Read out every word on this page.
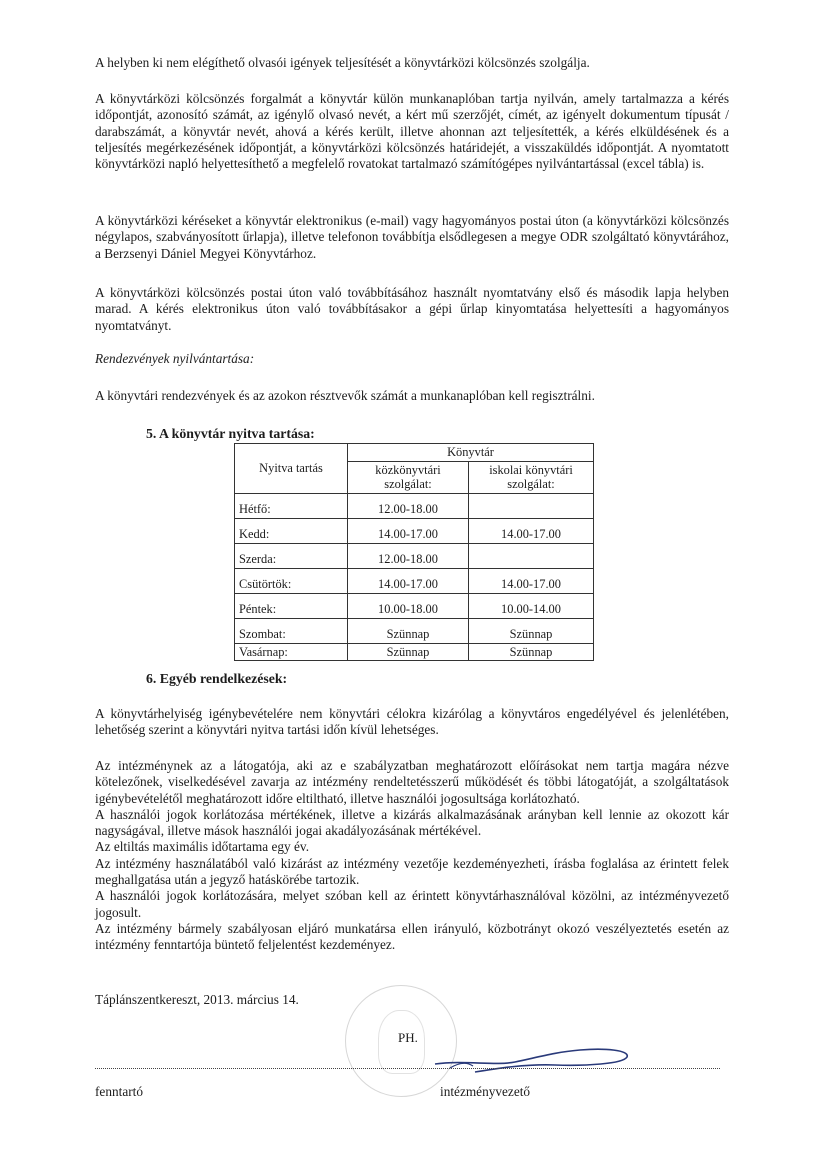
A helyben ki nem elégíthető olvasói igények teljesítését a könyvtárközi kölcsönzés szolgálja.

A könyvtárközi kölcsönzés forgalmát a könyvtár külön munkanaplóban tartja nyilván, amely tartalmazza a kérés időpontját, azonosító számát, az igénylő olvasó nevét, a kért mű szerzőjét, címét, az igényelt dokumentum típusát / darabszámát, a könyvtár nevét, ahová a kérés került, illetve ahonnan azt teljesítették, a kérés elküldésének és a teljesítés megérkezésének időpontját, a könyvtárközi kölcsönzés határidejét, a visszaküldés időpontját. A nyomtatott könyvtárközi napló helyettesíthető a megfelelő rovatokat tartalmazó számítógépes nyilvántartással (excel tábla) is.

A könyvtárközi kéréseket a könyvtár elektronikus (e-mail) vagy hagyományos postai úton (a könyvtárközi kölcsönzés négylapos, szabványosított űrlapja), illetve telefonon továbbítja elsődlegesen a megye ODR szolgáltató könyvtárához, a Berzsenyi Dániel Megyei Könyvtárhoz.

A könyvtárközi kölcsönzés postai úton való továbbításához használt nyomtatvány első és második lapja helyben marad. A kérés elektronikus úton való továbbításakor a gépi űrlap kinyomtatása helyettesíti a hagyományos nyomtatványt.

Rendezvények nyilvántartása:

A könyvtári rendezvények és az azokon résztvevők számát a munkanaplóban kell regisztrálni.

5. A könyvtár nyitva tartása:
Nyitva tartás	Könyvtár	
	közkönyvtári szolgálat:	iskolai könyvtári szolgálat:
Hétfő:	12.00-18.00	
Kedd:	14.00-17.00	14.00-17.00
Szerda:	12.00-18.00	
Csütörtök:	14.00-17.00	14.00-17.00
Péntek:	10.00-18.00	10.00-14.00
Szombat:	Szünnap	Szünnap
Vasárnap:	Szünnap	Szünnap
6. Egyéb rendelkezések:

A könyvtárhelyiség igénybevételére nem könyvtári célokra kizárólag a könyvtáros engedélyével és jelenlétében, lehetőség szerint a könyvtári nyitva tartási időn kívül lehetséges.

Az intézménynek az a látogatója, aki az e szabályzatban meghatározott előírásokat nem tartja magára nézve kötelezőnek, viselkedésével zavarja az intézmény rendeltetésszerű működését és többi látogatóját, a szolgáltatások igénybevételétől meghatározott időre eltiltható, illetve használói jogosultsága korlátozható.
A használói jogok korlátozása mértékének, illetve a kizárás alkalmazásának arányban kell lennie az okozott kár nagyságával, illetve mások használói jogai akadályozásának mértékével.
Az eltiltás maximális időtartama egy év.
Az intézmény használatából való kizárást az intézmény vezetője kezdeményezheti, írásba foglalása az érintett felek meghallgatása után a jegyző hatáskörébe tartozik.
A használói jogok korlátozására, melyet szóban kell az érintett könyvtárhasználóval közölni, az intézményvezető jogosult.
Az intézmény bármely szabályosan eljáró munkatársa ellen irányuló, közbotrányt okozó veszélyeztetés esetén az intézmény fenntartója büntető feljelentést kezdeményez.
Táplánszentkereszt, 2013. március 14.
PH.
fenntartó	intézményvezető
